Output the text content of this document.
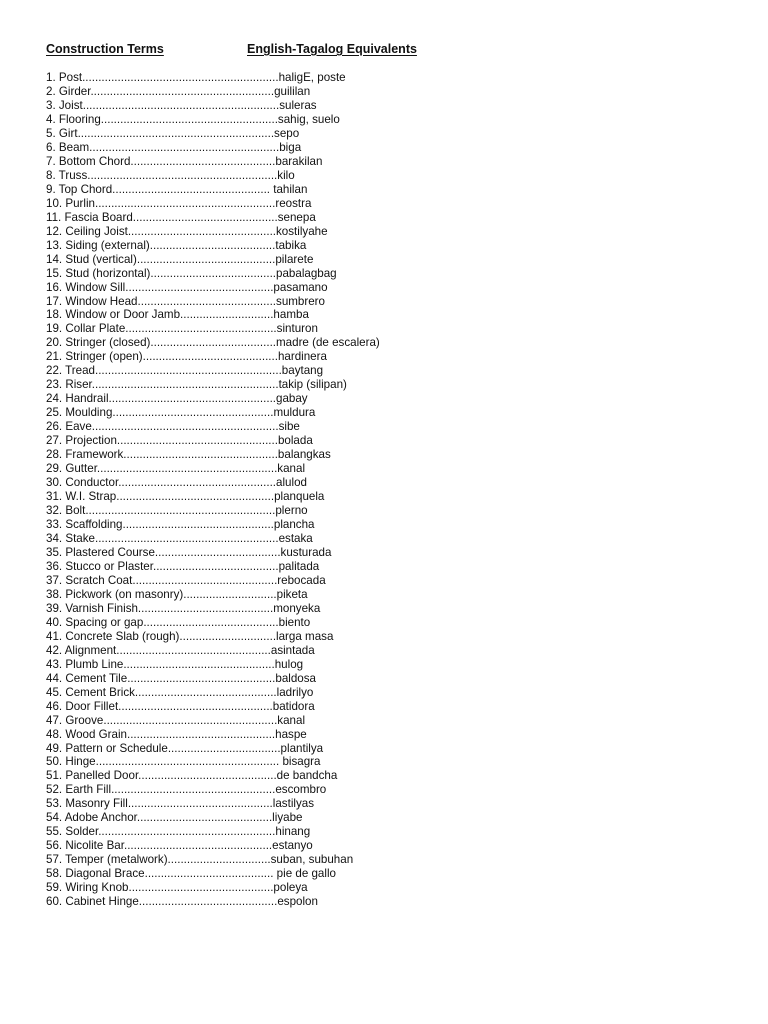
Construction Terms	English-Tagalog Equivalents
1. Post.............................................................haligE, poste
2. Girder.........................................................guililan
3. Joist.............................................................suleras
4. Flooring.......................................................sahig, suelo
5. Girt.............................................................sepo
6. Beam...........................................................biga
7. Bottom Chord.............................................barakilan
8. Truss...........................................................kilo
9. Top Chord................................................. tahilan
10. Purlin........................................................reostra
11. Fascia Board.............................................senepa
12. Ceiling Joist..............................................kostilyahe
13. Siding (external).......................................tabika
14. Stud (vertical)...........................................pilarete
15. Stud (horizontal).......................................pabalagbag
16. Window Sill..............................................pasamano
17. Window Head...........................................sumbrero
18. Window or Door Jamb.............................hamba
19. Collar Plate...............................................sinturon
20. Stringer (closed).......................................madre (de escalera)
21. Stringer (open)..........................................hardinera
22. Tread..........................................................baytang
23. Riser..........................................................takip (silipan)
24. Handrail....................................................gabay
25. Moulding..................................................muldura
26. Eave..........................................................sibe
27. Projection..................................................bolada
28. Framework................................................balangkas
29. Gutter........................................................kanal
30. Conductor.................................................alulod
31. W.I. Strap.................................................planquela
32. Bolt...........................................................plerno
33. Scaffolding...............................................plancha
34. Stake.........................................................estaka
35. Plastered Course.......................................kusturada
36. Stucco or Plaster.......................................palitada
37. Scratch Coat.............................................rebocada
38. Pickwork (on masonry).............................piketa
39. Varnish Finish..........................................monyeka
40. Spacing or gap..........................................biento
41. Concrete Slab (rough)..............................larga masa
42. Alignment................................................asintada
43. Plumb Line...............................................hulog
44. Cement Tile..............................................baldosa
45. Cement Brick............................................ladrilyo
46. Door Fillet................................................batidora
47. Groove......................................................kanal
48. Wood Grain..............................................haspe
49. Pattern or Schedule...................................plantilya
50. Hinge......................................................... bisagra
51. Panelled Door...........................................de bandcha
52. Earth Fill...................................................escombro
53. Masonry Fill.............................................lastilyas
54. Adobe Anchor..........................................liyabe
55. Solder.......................................................hinang
56. Nicolite Bar..............................................estanyo
57. Temper (metalwork)................................suban, subuhan
58. Diagonal Brace........................................ pie de gallo
59. Wiring Knob.............................................poleya
60. Cabinet Hinge...........................................espolon
